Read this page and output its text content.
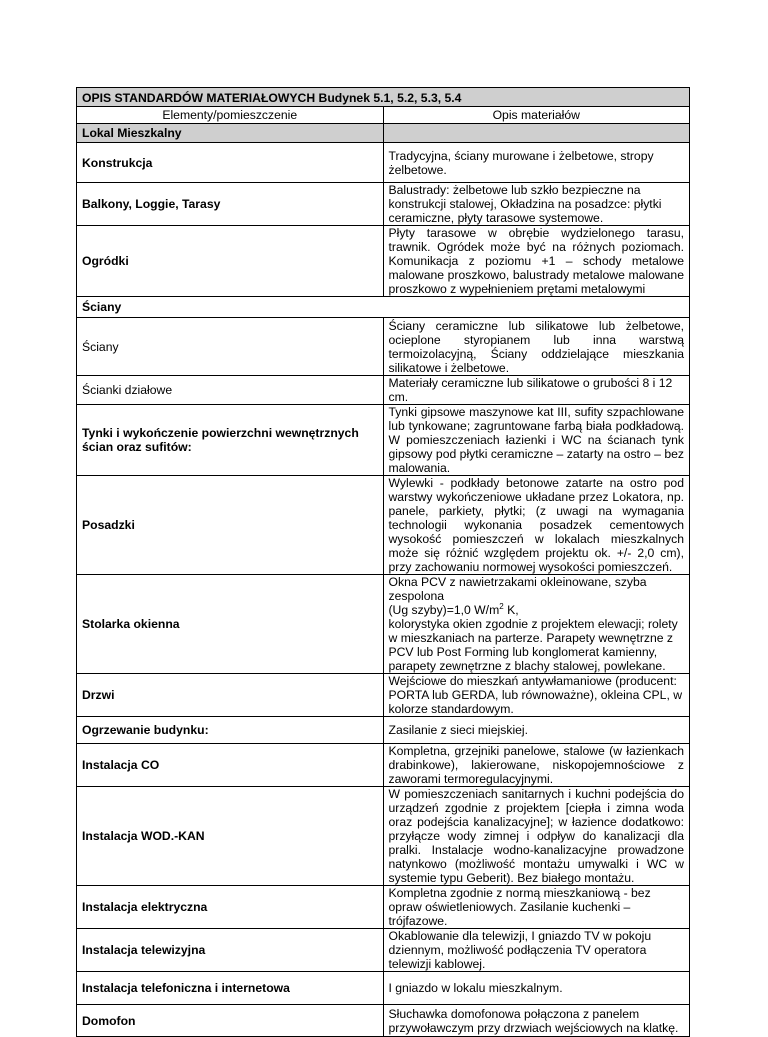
OPIS STANDARDÓW MATERIAŁOWYCH Budynek 5.1, 5.2, 5.3, 5.4	
Elementy/pomieszczenie	Opis materiałów
Lokal Mieszkalny	
Konstrukcja	Tradycyjna, ściany murowane i żelbetowe, stropy żelbetowe.
Balkony, Loggie, Tarasy	Balustrady: żelbetowe lub szkło bezpieczne na konstrukcji stalowej, Okładzina na posadzce: płytki ceramiczne, płyty tarasowe systemowe.
Ogródki	Płyty tarasowe w obrębie wydzielonego tarasu, trawnik. Ogródek może być na różnych poziomach. Komunikacja z poziomu +1 – schody metalowe malowane proszkowo, balustrady metalowe malowane proszkowo z wypełnieniem prętami metalowymi
Ściany	
Ściany	Ściany ceramiczne lub silikatowe lub żelbetowe, ocieplone styropianem lub inna warstwą termoizolacyjną, Ściany oddzielające mieszkania silikatowe i żelbetowe.
Ścianki działowe	Materiały ceramiczne lub silikatowe o grubości 8 i 12 cm.
Tynki i wykończenie powierzchni wewnętrznych ścian oraz sufitów:	Tynki gipsowe maszynowe kat III, sufity szpachlowane lub tynkowane; zagruntowane farbą biała podkładową. W pomieszczeniach łazienki i WC na ścianach tynk gipsowy pod płytki ceramiczne – zatarty na ostro – bez malowania.
Posadzki	Wylewki - podkłady betonowe zatarte na ostro pod warstwy wykończeniowe układane przez Lokatora, np. panele, parkiety, płytki; (z uwagi na wymagania technologii wykonania posadzek cementowych wysokość pomieszczeń w lokalach mieszkalnych może się różnić względem projektu ok. +/- 2,0 cm), przy zachowaniu normowej wysokości pomieszczeń.
Stolarka okienna	Okna PCV z nawietrzakami okleinowane, szyba zespolona
(Ug szyby)=1,0 $W/m^2$ K,
kolorystyka okien zgodnie z projektem elewacji; rolety w mieszkaniach na parterze. Parapety wewnętrzne z PCV lub Post Forming lub konglomerat kamienny, parapety zewnętrzne z blachy stalowej, powlekane.
Drzwi	Wejściowe do mieszkań antywłamaniowe (producent: PORTA lub GERDA, lub równoważne), okleina CPL, w kolorze standardowym.
Ogrzewanie budynku:	Zasilanie z sieci miejskiej.
Instalacja CO	Kompletna, grzejniki panelowe, stalowe (w łazienkach drabinkowe), lakierowane, niskopojemnościowe z zaworami termoregulacyjnymi.
Instalacja WOD.-KAN	W pomieszczeniach sanitarnych i kuchni podejścia do urządzeń zgodnie z projektem [ciepła i zimna woda oraz podejścia kanalizacyjne]; w łazience dodatkowo: przyłącze wody zimnej i odpływ do kanalizacji dla pralki. Instalacje wodno-kanalizacyjne prowadzone natynkowo (możliwość montażu umywalki i WC w systemie typu Geberit). Bez białego montażu.
Instalacja elektryczna	Kompletna zgodnie z normą mieszkaniową - bez opraw oświetleniowych. Zasilanie kuchenki – trójfazowe.
Instalacja telewizyjna	Okablowanie dla telewizji, I gniazdo TV w pokoju dziennym, możliwość podłączenia TV operatora telewizji kablowej.
Instalacja telefoniczna i internetowa	I gniazdo w lokalu mieszkalnym.
Domofon	Słuchawka domofonowa połączona z panelem przywoławczym przy drzwiach wejściowych na klatkę.
